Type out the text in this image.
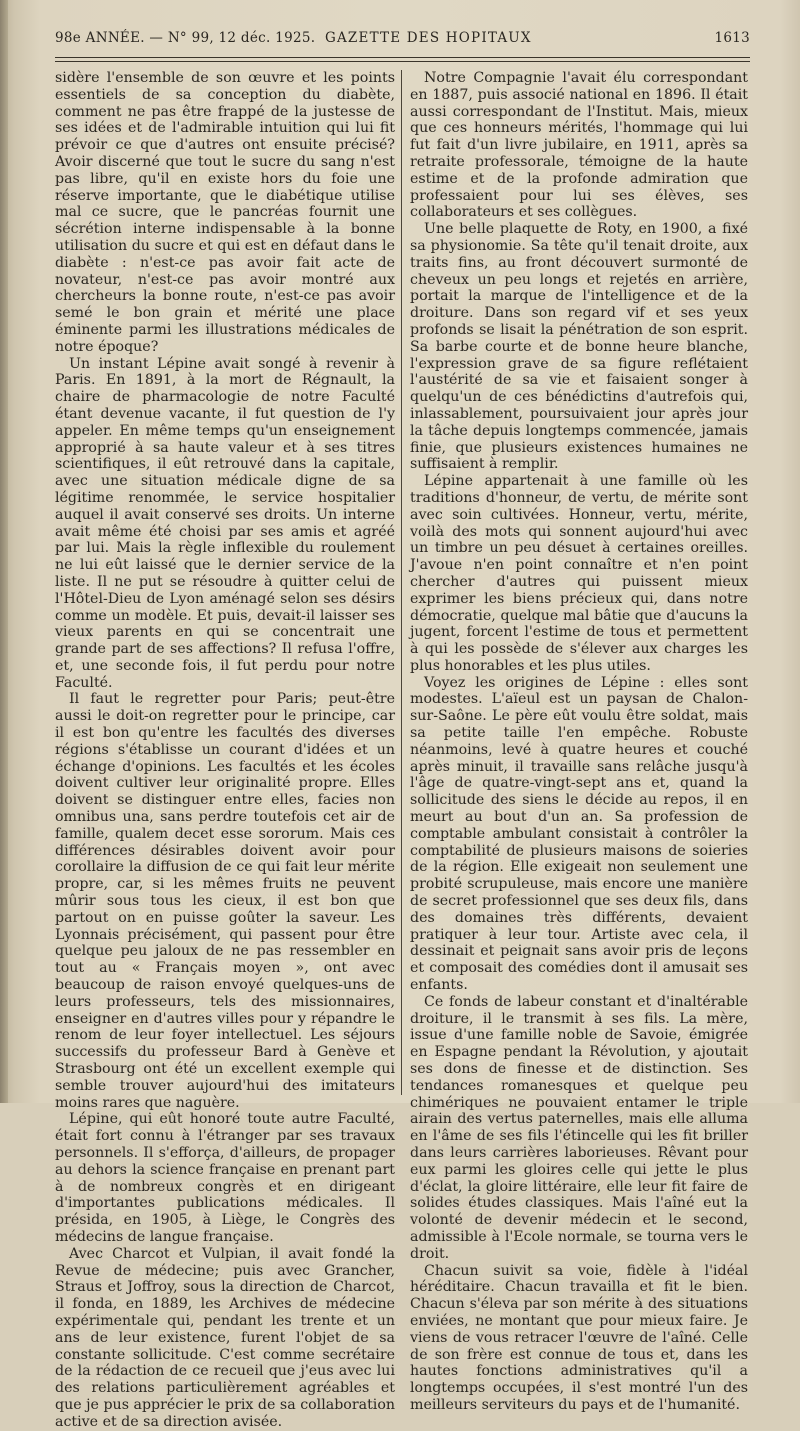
98e ANNÉE. — N° 99, 12 déc. 1925. GAZETTE DES HOPITAUX	1613

sidère l'ensemble de son œuvre et les points essentiels de sa conception du diabète, comment ne pas être frappé de la justesse de ses idées et de l'admirable intuition qui lui fit prévoir ce que d'autres ont ensuite précisé? Avoir discerné que tout le sucre du sang n'est pas libre, qu'il en existe hors du foie une réserve importante, que le diabétique utilise mal ce sucre, que le pancréas fournit une sécrétion interne indispensable à la bonne utilisation du sucre et qui est en défaut dans le diabète : n'est-ce pas avoir fait acte de novateur, n'est-ce pas avoir montré aux chercheurs la bonne route, n'est-ce pas avoir semé le bon grain et mérité une place éminente parmi les illustrations médicales de notre époque?

Un instant Lépine avait songé à revenir à Paris. En 1891, à la mort de Régnault, la chaire de pharmacologie de notre Faculté étant devenue vacante, il fut question de l'y appeler. En même temps qu'un enseignement approprié à sa haute valeur et à ses titres scientifiques, il eût retrouvé dans la capitale, avec une situation médicale digne de sa légitime renommée, le service hospitalier auquel il avait conservé ses droits. Un interne avait même été choisi par ses amis et agréé par lui. Mais la règle inflexible du roulement ne lui eût laissé que le dernier service de la liste. Il ne put se résoudre à quitter celui de l'Hôtel-Dieu de Lyon aménagé selon ses désirs comme un modèle. Et puis, devait-il laisser ses vieux parents en qui se concentrait une grande part de ses affections? Il refusa l'offre, et, une seconde fois, il fut perdu pour notre Faculté.

Il faut le regretter pour Paris; peut-être aussi le doit-on regretter pour le principe, car il est bon qu'entre les facultés des diverses régions s'établisse un courant d'idées et un échange d'opinions. Les facultés et les écoles doivent cultiver leur originalité propre. Elles doivent se distinguer entre elles, facies non omnibus una, sans perdre toutefois cet air de famille, qualem decet esse sororum. Mais ces différences désirables doivent avoir pour corollaire la diffusion de ce qui fait leur mérite propre, car, si les mêmes fruits ne peuvent mûrir sous tous les cieux, il est bon que partout on en puisse goûter la saveur. Les Lyonnais précisément, qui passent pour être quelque peu jaloux de ne pas ressembler en tout au « Français moyen », ont avec beaucoup de raison envoyé quelques-uns de leurs professeurs, tels des missionnaires, enseigner en d'autres villes pour y répandre le renom de leur foyer intellectuel. Les séjours successifs du professeur Bard à Genève et Strasbourg ont été un excellent exemple qui semble trouver aujourd'hui des imitateurs moins rares que naguère.

Lépine, qui eût honoré toute autre Faculté, était fort connu à l'étranger par ses travaux personnels. Il s'efforça, d'ailleurs, de propager au dehors la science française en prenant part à de nombreux congrès et en dirigeant d'importantes publications médicales. Il présida, en 1905, à Liège, le Congrès des médecins de langue française.

Avec Charcot et Vulpian, il avait fondé la Revue de médecine; puis avec Grancher, Straus et Joffroy, sous la direction de Charcot, il fonda, en 1889, les Archives de médecine expérimentale qui, pendant les trente et un ans de leur existence, furent l'objet de sa constante sollicitude. C'est comme secrétaire de la rédaction de ce recueil que j'eus avec lui des relations particulièrement agréables et que je pus apprécier le prix de sa collaboration active et de sa direction avisée.

Notre Compagnie l'avait élu correspondant en 1887, puis associé national en 1896. Il était aussi correspondant de l'Institut. Mais, mieux que ces honneurs mérités, l'hommage qui lui fut fait d'un livre jubilaire, en 1911, après sa retraite professorale, témoigne de la haute estime et de la profonde admiration que professaient pour lui ses élèves, ses collaborateurs et ses collègues.

Une belle plaquette de Roty, en 1900, a fixé sa physionomie. Sa tête qu'il tenait droite, aux traits fins, au front découvert surmonté de cheveux un peu longs et rejetés en arrière, portait la marque de l'intelligence et de la droiture. Dans son regard vif et ses yeux profonds se lisait la pénétration de son esprit. Sa barbe courte et de bonne heure blanche, l'expression grave de sa figure reflétaient l'austérité de sa vie et faisaient songer à quelqu'un de ces bénédictins d'autrefois qui, inlassablement, poursuivaient jour après jour la tâche depuis longtemps commencée, jamais finie, que plusieurs existences humaines ne suffisaient à remplir.

Lépine appartenait à une famille où les traditions d'honneur, de vertu, de mérite sont avec soin cultivées. Honneur, vertu, mérite, voilà des mots qui sonnent aujourd'hui avec un timbre un peu désuet à certaines oreilles. J'avoue n'en point connaître et n'en point chercher d'autres qui puissent mieux exprimer les biens précieux qui, dans notre démocratie, quelque mal bâtie que d'aucuns la jugent, forcent l'estime de tous et permettent à qui les possède de s'élever aux charges les plus honorables et les plus utiles.

Voyez les origines de Lépine : elles sont modestes. L'aïeul est un paysan de Chalon-sur-Saône. Le père eût voulu être soldat, mais sa petite taille l'en empêche. Robuste néanmoins, levé à quatre heures et couché après minuit, il travaille sans relâche jusqu'à l'âge de quatre-vingt-sept ans et, quand la sollicitude des siens le décide au repos, il en meurt au bout d'un an. Sa profession de comptable ambulant consistait à contrôler la comptabilité de plusieurs maisons de soieries de la région. Elle exigeait non seulement une probité scrupuleuse, mais encore une manière de secret professionnel que ses deux fils, dans des domaines très différents, devaient pratiquer à leur tour. Artiste avec cela, il dessinait et peignait sans avoir pris de leçons et composait des comédies dont il amusait ses enfants.

Ce fonds de labeur constant et d'inaltérable droiture, il le transmit à ses fils. La mère, issue d'une famille noble de Savoie, émigrée en Espagne pendant la Révolution, y ajoutait ses dons de finesse et de distinction. Ses tendances romanesques et quelque peu chimériques ne pouvaient entamer le triple airain des vertus paternelles, mais elle alluma en l'âme de ses fils l'étincelle qui les fit briller dans leurs carrières laborieuses. Rêvant pour eux parmi les gloires celle qui jette le plus d'éclat, la gloire littéraire, elle leur fit faire de solides études classiques. Mais l'aîné eut la volonté de devenir médecin et le second, admissible à l'Ecole normale, se tourna vers le droit.

Chacun suivit sa voie, fidèle à l'idéal héréditaire. Chacun travailla et fit le bien. Chacun s'éleva par son mérite à des situations enviées, ne montant que pour mieux faire. Je viens de vous retracer l'œuvre de l'aîné. Celle de son frère est connue de tous et, dans les hautes fonctions administratives qu'il a longtemps occupées, il s'est montré l'un des meilleurs serviteurs du pays et de l'humanité.
